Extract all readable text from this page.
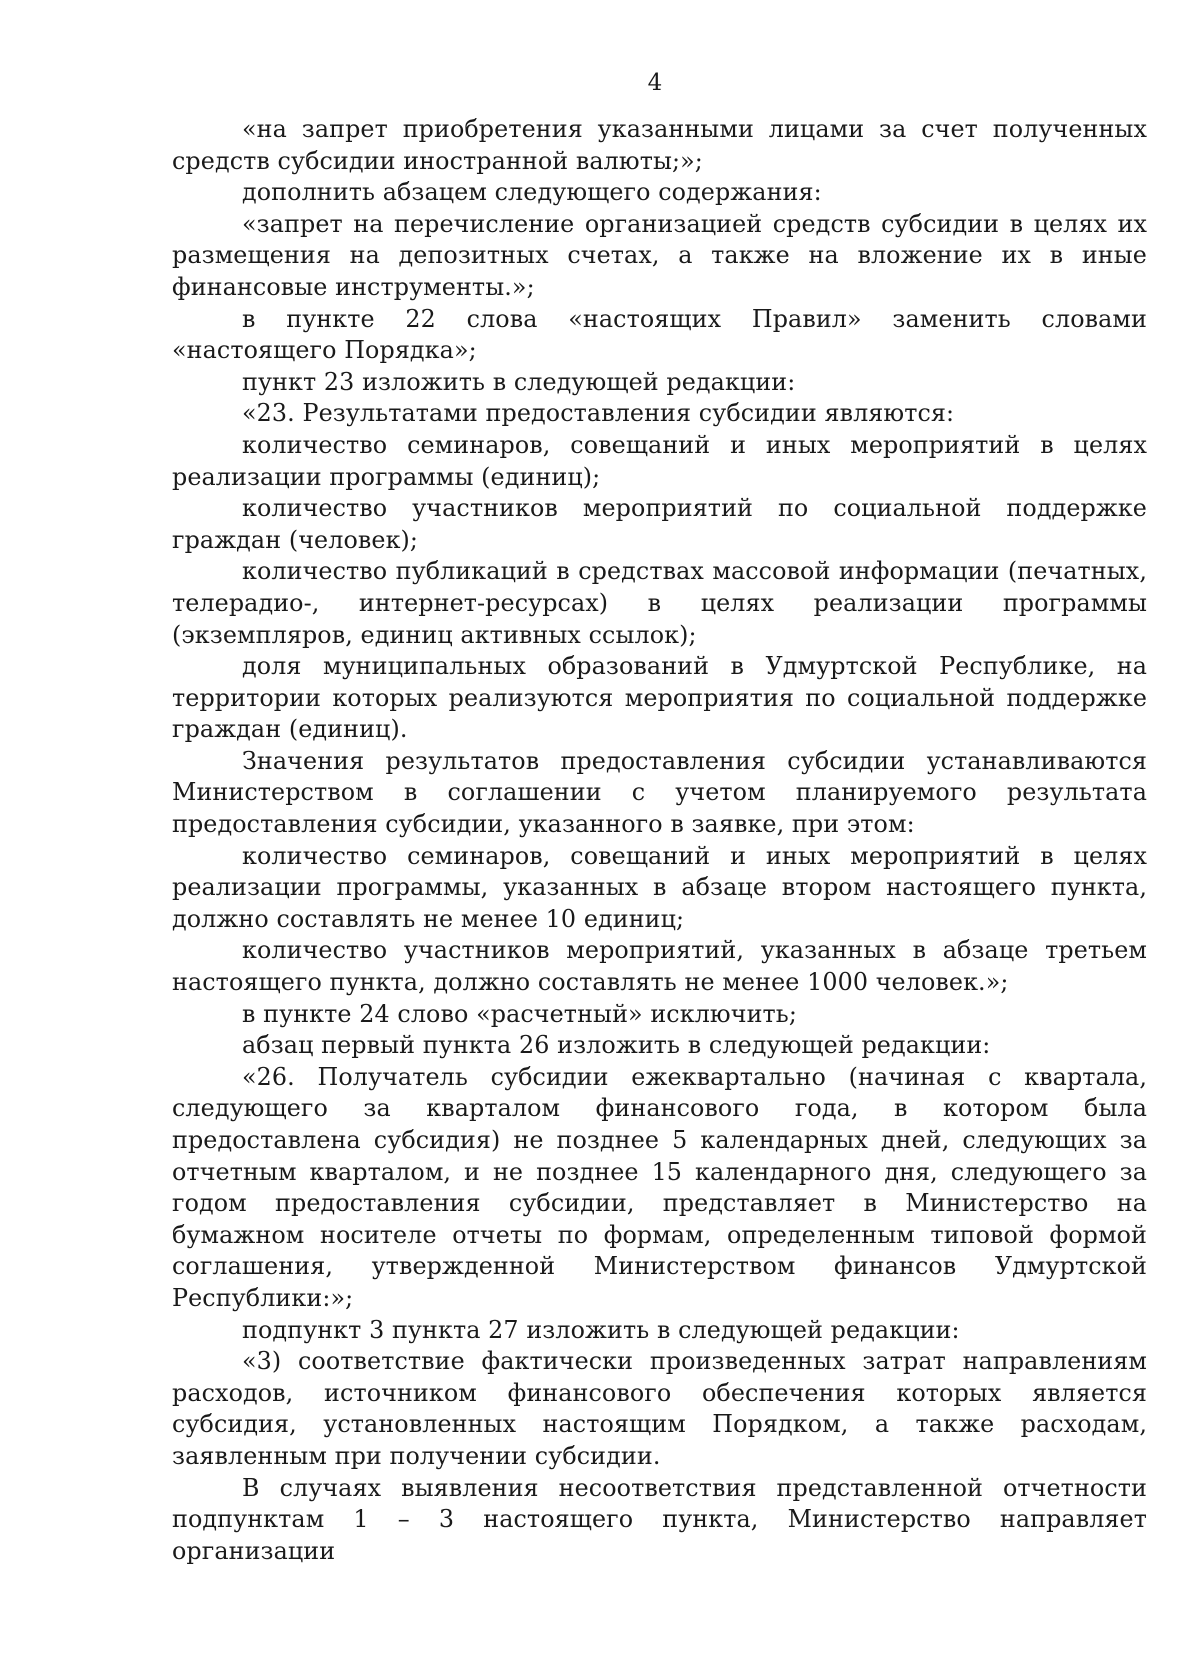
4

«на запрет приобретения указанными лицами за счет полученных средств субсидии иностранной валюты;»;

дополнить абзацем следующего содержания:

«запрет на перечисление организацией средств субсидии в целях их размещения на депозитных счетах, а также на вложение их в иные финансовые инструменты.»;

в пункте 22 слова «настоящих Правил» заменить словами «настоящего Порядка»;

пункт 23 изложить в следующей редакции:

«23. Результатами предоставления субсидии являются:

количество семинаров, совещаний и иных мероприятий в целях реализации программы (единиц);

количество участников мероприятий по социальной поддержке граждан (человек);

количество публикаций в средствах массовой информации (печатных, телерадио-, интернет-ресурсах) в целях реализации программы (экземпляров, единиц активных ссылок);

доля муниципальных образований в Удмуртской Республике, на территории которых реализуются мероприятия по социальной поддержке граждан (единиц).

Значения результатов предоставления субсидии устанавливаются Министерством в соглашении с учетом планируемого результата предоставления субсидии, указанного в заявке, при этом:

количество семинаров, совещаний и иных мероприятий в целях реализации программы, указанных в абзаце втором настоящего пункта, должно составлять не менее 10 единиц;

количество участников мероприятий, указанных в абзаце третьем настоящего пункта, должно составлять не менее 1000 человек.»;

в пункте 24 слово «расчетный» исключить;

абзац первый пункта 26 изложить в следующей редакции:

«26. Получатель субсидии ежеквартально (начиная с квартала, следующего за кварталом финансового года, в котором была предоставлена субсидия) не позднее 5 календарных дней, следующих за отчетным кварталом, и не позднее 15 календарного дня, следующего за годом предоставления субсидии, представляет в Министерство на бумажном носителе отчеты по формам, определенным типовой формой соглашения, утвержденной Министерством финансов Удмуртской Республики:»;

подпункт 3 пункта 27 изложить в следующей редакции:

«3) соответствие фактически произведенных затрат направлениям расходов, источником финансового обеспечения которых является субсидия, установленных настоящим Порядком, а также расходам, заявленным при получении субсидии.

В случаях выявления несоответствия представленной отчетности подпунктам 1 – 3 настоящего пункта, Министерство направляет организации
